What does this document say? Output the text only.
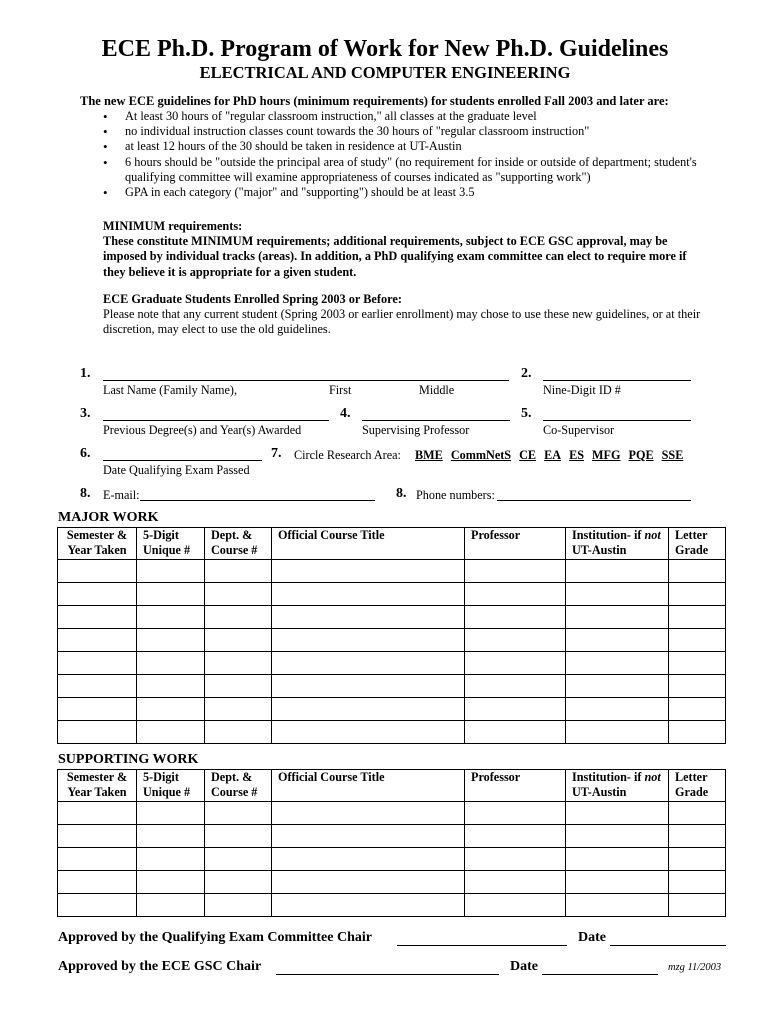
ECE Ph.D. Program of Work for New Ph.D. Guidelines
ELECTRICAL AND COMPUTER ENGINEERING
The new ECE guidelines for PhD hours (minimum requirements) for students enrolled Fall 2003 and later are:
• At least 30 hours of "regular classroom instruction," all classes at the graduate level
• no individual instruction classes count towards the 30 hours of "regular classroom instruction"
• at least 12 hours of the 30 should be taken in residence at UT-Austin
• 6 hours should be "outside the principal area of study" (no requirement for inside or outside of department; student's qualifying committee will examine appropriateness of courses indicated as "supporting work")
• GPA in each category ("major" and "supporting") should be at least 3.5
MINIMUM requirements:
These constitute MINIMUM requirements; additional requirements, subject to ECE GSC approval, may be imposed by individual tracks (areas). In addition, a PhD qualifying exam committee can elect to require more if they believe it is appropriate for a given student.
ECE Graduate Students Enrolled Spring 2003 or Before:
Please note that any current student (Spring 2003 or earlier enrollment) may chose to use these new guidelines, or at their discretion, may elect to use the old guidelines.
1.
Last Name (Family Name),	First	Middle
2.
Nine-Digit ID #
3.
Previous Degree(s) and Year(s) Awarded
4.
Supervising Professor
5.
Co-Supervisor
6.
Date Qualifying Exam Passed
7. Circle Research Area: BME CommNetS CE EA ES MFG PQE SSE
8. E-mail:	8. Phone numbers:
MAJOR WORK
Semester & Year Taken	5-Digit Unique #	Dept. & Course #	Official Course Title	Professor	Institution- if not UT-Austin	Letter Grade

SUPPORTING WORK
Semester & Year Taken	5-Digit Unique #	Dept. & Course #	Official Course Title	Professor	Institution- if not UT-Austin	Letter Grade

Approved by the Qualifying Exam Committee Chair	Date
Approved by the ECE GSC Chair	Date	mzg 11/2003
